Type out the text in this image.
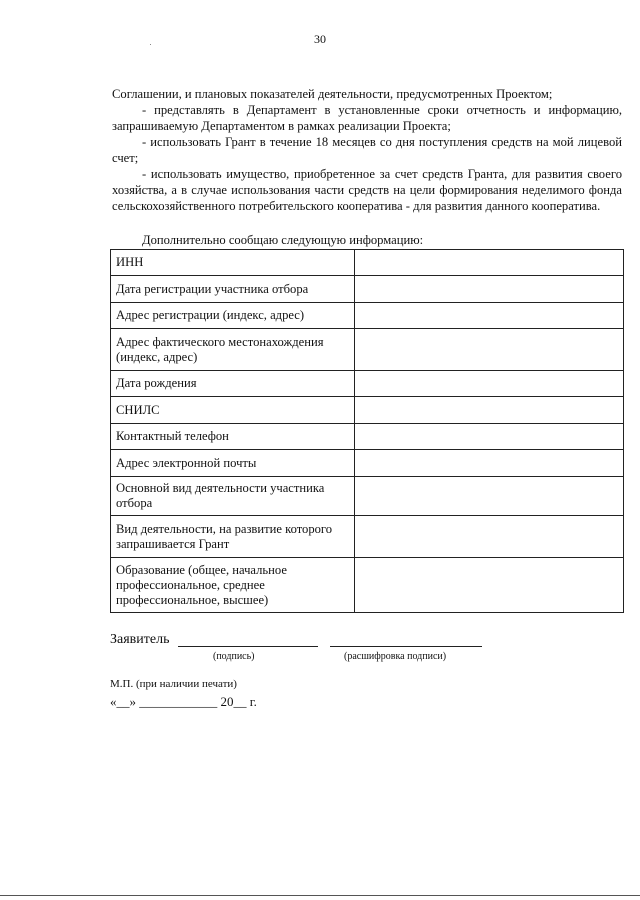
30

Соглашении, и плановых показателей деятельности, предусмотренных Проектом;

- представлять в Департамент в установленные сроки отчетность и информацию, запрашиваемую Департаментом в рамках реализации Проекта;

- использовать Грант в течение 18 месяцев со дня поступления средств на мой лицевой счет;

- использовать имущество, приобретенное за счет средств Гранта, для развития своего хозяйства, а в случае использования части средств на цели формирования неделимого фонда сельскохозяйственного потребительского кооператива - для развития данного кооператива.

Дополнительно сообщаю следующую информацию:

ИНН	
Дата регистрации участника отбора	
Адрес регистрации (индекс, адрес)	
Адрес фактического местонахождения (индекс, адрес)	
Дата рождения	
СНИЛС	
Контактный телефон	
Адрес электронной почты	
Основной вид деятельности участника отбора	
Вид деятельности, на развитие которого запрашивается Грант	
Образование (общее, начальное профессиональное, среднее профессиональное, высшее)	
Заявитель
(подпись)	(расшифровка подписи)
М.П. (при наличии печати)
«__» ____________ 20__ г.
